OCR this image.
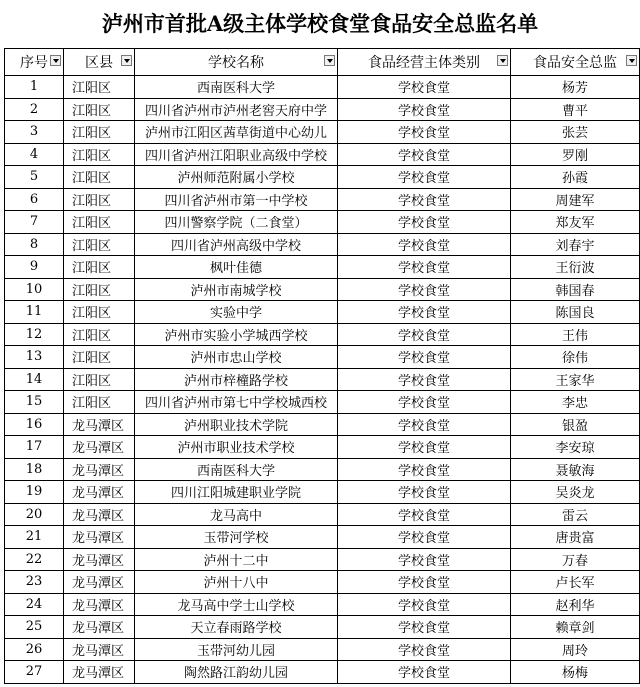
泸州市首批A级主体学校食堂食品安全总监名单
序号	区县	学校名称	食品经营主体类别	食品安全总监

1	江阳区	西南医科大学	学校食堂	杨芳
2	江阳区	四川省泸州市泸州老窖天府中学	学校食堂	曹平
3	江阳区	泸州市江阳区茜草街道中心幼儿	学校食堂	张芸
4	江阳区	四川省泸州江阳职业高级中学校	学校食堂	罗刚
5	江阳区	泸州师范附属小学校	学校食堂	孙霞
6	江阳区	四川省泸州市第一中学校	学校食堂	周建军
7	江阳区	四川警察学院（二食堂）	学校食堂	郑友军
8	江阳区	四川省泸州高级中学校	学校食堂	刘春宇
9	江阳区	枫叶佳德	学校食堂	王衍波
10	江阳区	泸州市南城学校	学校食堂	韩国春
11	江阳区	实验中学	学校食堂	陈国良
12	江阳区	泸州市实验小学城西学校	学校食堂	王伟
13	江阳区	泸州市忠山学校	学校食堂	徐伟
14	江阳区	泸州市梓橦路学校	学校食堂	王家华
15	江阳区	四川省泸州市第七中学校城西校	学校食堂	李忠
16	龙马潭区	泸州职业技术学院	学校食堂	银盈
17	龙马潭区	泸州市职业技术学校	学校食堂	李安琼
18	龙马潭区	西南医科大学	学校食堂	聂敏海
19	龙马潭区	四川江阳城建职业学院	学校食堂	吴炎龙
20	龙马潭区	龙马高中	学校食堂	雷云
21	龙马潭区	玉带河学校	学校食堂	唐贵富
22	龙马潭区	泸州十二中	学校食堂	万春
23	龙马潭区	泸州十八中	学校食堂	卢长军
24	龙马潭区	龙马高中学士山学校	学校食堂	赵利华
25	龙马潭区	天立春雨路学校	学校食堂	赖章剑
26	龙马潭区	玉带河幼儿园	学校食堂	周玲
27	龙马潭区	陶然路江韵幼儿园	学校食堂	杨梅
